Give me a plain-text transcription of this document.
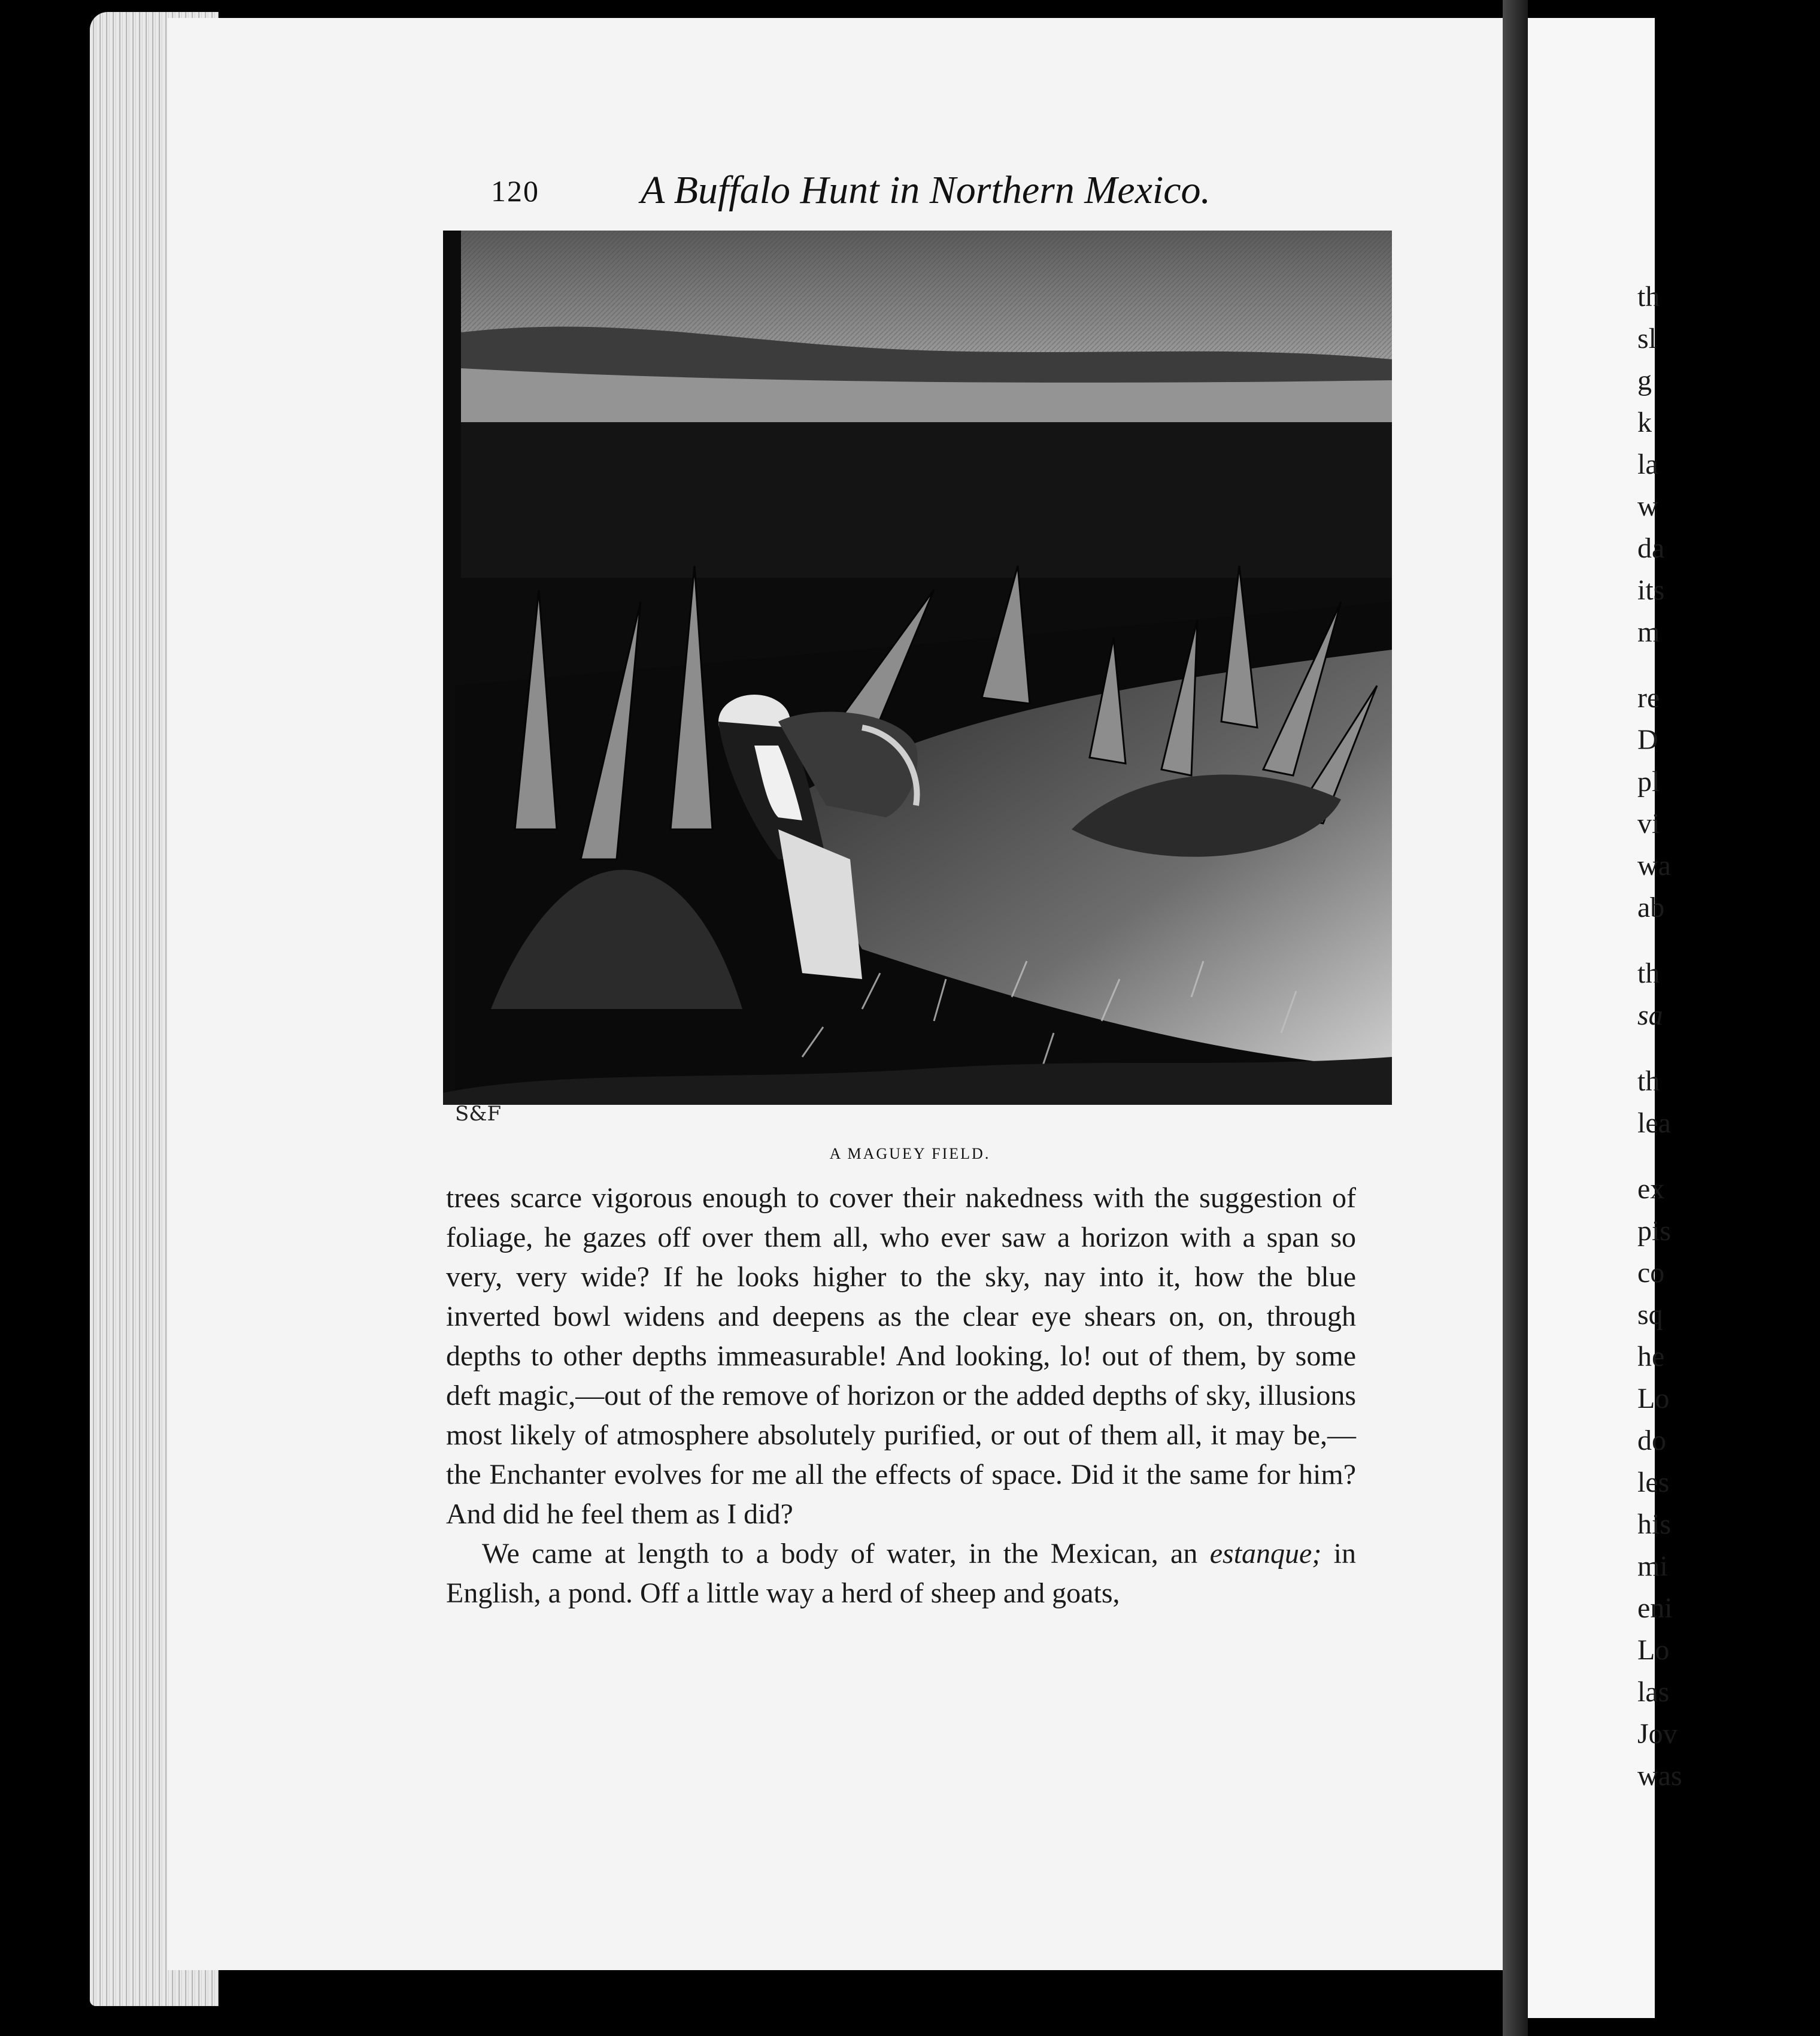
120	A Buffalo Hunt in Northern Mexico.
S&F
A MAGUEY FIELD.

trees scarce vigorous enough to cover their nakedness with the suggestion of foliage, he gazes off over them all, who ever saw a horizon with a span so very, very wide? If he looks higher to the sky, nay into it, how the blue inverted bowl widens and deepens as the clear eye shears on, on, through depths to other depths immeasurable! And looking, lo! out of them, by some deft magic,—out of the remove of horizon or the added depths of sky, illusions most likely of atmosphere absolutely purified, or out of them all, it may be,—the Enchanter evolves for me all the effects of space. Did it the same for him? And did he feel them as I did?

We came at length to a body of water, in the Mexican, an estanque; in English, a pond. Off a little way a herd of sheep and goats,

th
sl
g
k
la
w
da
its
m
re
D
pl
vi
wa
ab
th
sa
th
lea
ex
pis
co
sq
he
Lo
do
les
his
mi
eni
Lo
las
Jov
was
